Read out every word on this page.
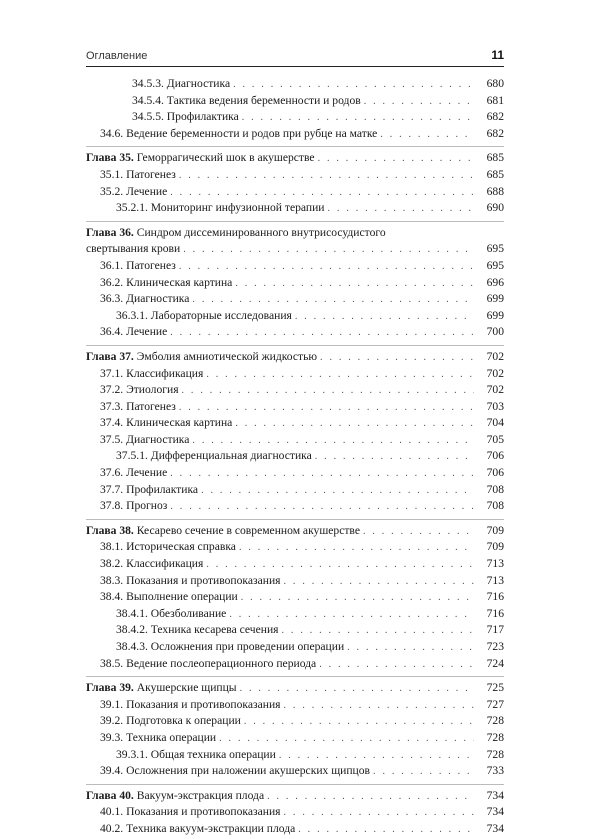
Оглавление	11
34.5.3. Диагностика . . .	680
34.5.4. Тактика ведения беременности и родов . . .	681
34.5.5. Профилактика . . .	682
34.6. Ведение беременности и родов при рубце на матке . . .	682
Глава 35. Геморрагический шок в акушерстве . . .	685
35.1. Патогенез . . .	685
35.2. Лечение . . .	688
35.2.1. Мониторинг инфузионной терапии . . .	690
Глава 36. Синдром диссеминированного внутрисосудистого
свертывания крови . . .	695
36.1. Патогенез . . .	695
36.2. Клиническая картина . . .	696
36.3. Диагностика . . .	699
36.3.1. Лабораторные исследования . . .	699
36.4. Лечение . . .	700
Глава 37. Эмболия амниотической жидкостью . . .	702
37.1. Классификация . . .	702
37.2. Этиология . . .	702
37.3. Патогенез . . .	703
37.4. Клиническая картина . . .	704
37.5. Диагностика . . .	705
37.5.1. Дифференциальная диагностика . . .	706
37.6. Лечение . . .	706
37.7. Профилактика . . .	708
37.8. Прогноз . . .	708
Глава 38. Кесарево сечение в современном акушерстве . . .	709
38.1. Историческая справка . . .	709
38.2. Классификация . . .	713
38.3. Показания и противопоказания . . .	713
38.4. Выполнение операции . . .	716
38.4.1. Обезболивание . . .	716
38.4.2. Техника кесарева сечения . . .	717
38.4.3. Осложнения при проведении операции . . .	723
38.5. Ведение послеоперационного периода . . .	724
Глава 39. Акушерские щипцы . . .	725
39.1. Показания и противопоказания . . .	727
39.2. Подготовка к операции . . .	728
39.3. Техника операции . . .	728
39.3.1. Общая техника операции . . .	728
39.4. Осложнения при наложении акушерских щипцов . . .	733
Глава 40. Вакуум-экстракция плода . . .	734
40.1. Показания и противопоказания . . .	734
40.2. Техника вакуум-экстракции плода . . .	734
